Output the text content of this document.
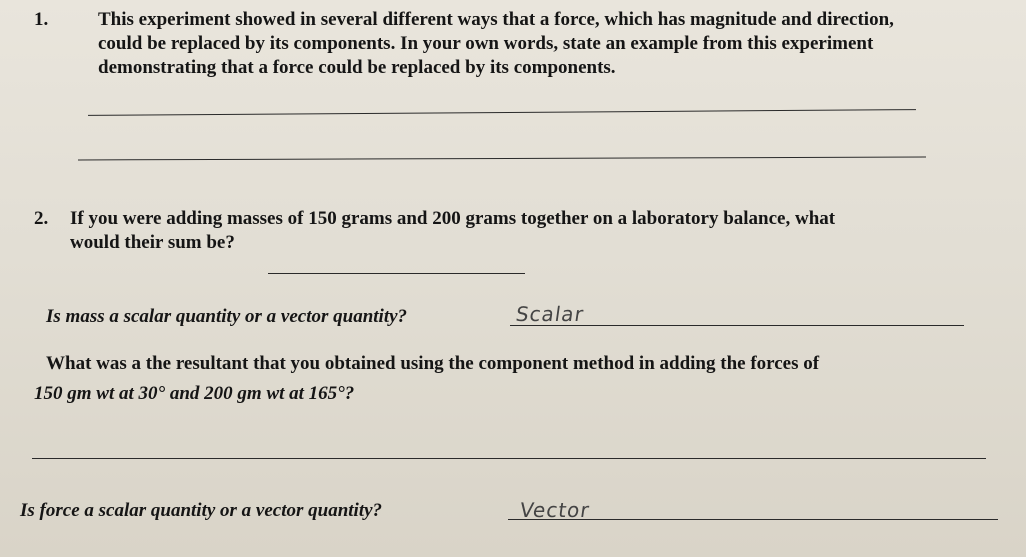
1.	This experiment showed in several different ways that a force, which has magnitude and direction,
could be replaced by its components. In your own words, state an example from this experiment
demonstrating that a force could be replaced by its components.
2. If you were adding masses of 150 grams and 200 grams together on a laboratory balance, what
would their sum be?
Is mass a scalar quantity or a vector quantity?	Scalar
What was a the resultant that you obtained using the component method in adding the forces of
150 gm wt at 30° and 200 gm wt at 165°?
Is force a scalar quantity or a vector quantity?	Vector
